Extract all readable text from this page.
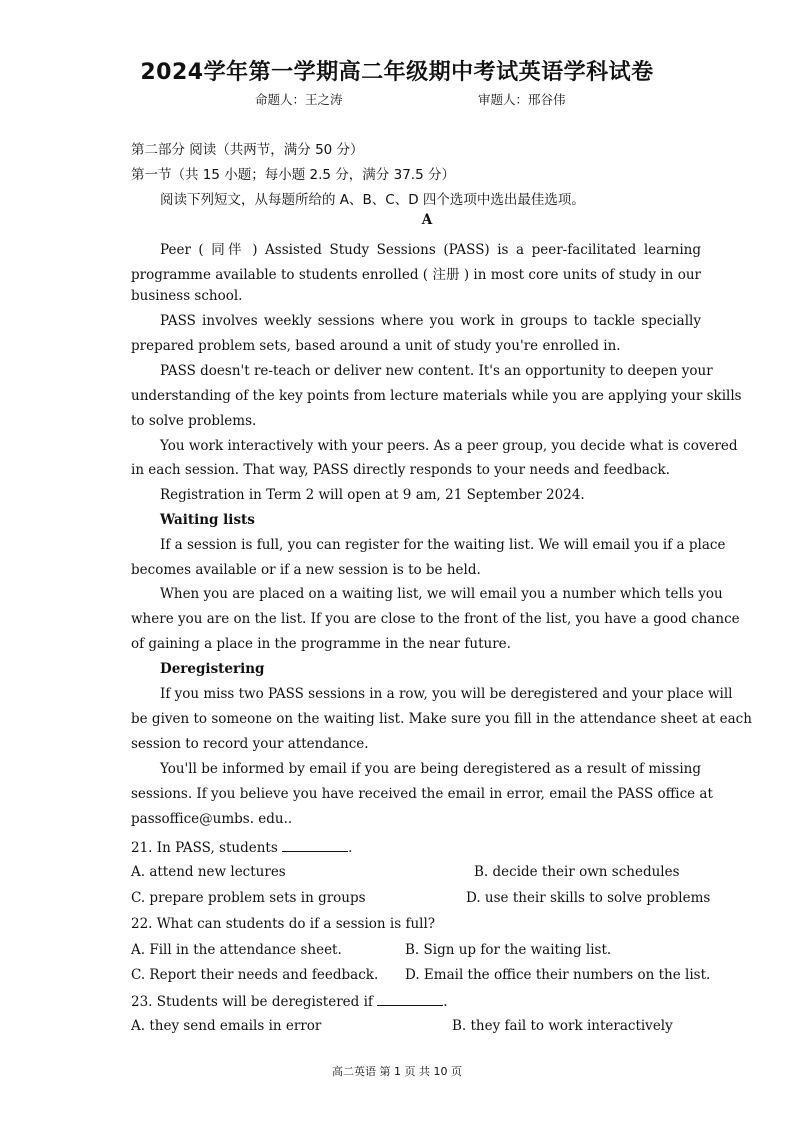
2024学年第一学期高二年级期中考试英语学科试卷
命题人：王之涛	审题人：邢谷伟
第二部分 阅读（共两节，满分 50 分）
第一节（共 15 小题；每小题 2.5 分，满分 37.5 分）
阅读下列短文，从每题所给的 A、B、C、D 四个选项中选出最佳选项。
A
Peer ( 同伴 ) Assisted Study Sessions (PASS) is a peer-facilitated learning
programme available to students enrolled ( 注册 ) in most core units of study in our
business school.
PASS involves weekly sessions where you work in groups to tackle specially
prepared problem sets, based around a unit of study you're enrolled in.
PASS doesn't re-teach or deliver new content. It's an opportunity to deepen your
understanding of the key points from lecture materials while you are applying your skills
to solve problems.
You work interactively with your peers. As a peer group, you decide what is covered
in each session. That way, PASS directly responds to your needs and feedback.
Registration in Term 2 will open at 9 am, 21 September 2024.
Waiting lists
If a session is full, you can register for the waiting list. We will email you if a place
becomes available or if a new session is to be held.
When you are placed on a waiting list, we will email you a number which tells you
where you are on the list. If you are close to the front of the list, you have a good chance
of gaining a place in the programme in the near future.
Deregistering
If you miss two PASS sessions in a row, you will be deregistered and your place will
be given to someone on the waiting list. Make sure you fill in the attendance sheet at each
session to record your attendance.
You'll be informed by email if you are being deregistered as a result of missing
sessions. If you believe you have received the email in error, email the PASS office at
passoffice@umbs. edu..
21. In PASS, students	.
A. attend new lectures	B. decide their own schedules
C. prepare problem sets in groups	D. use their skills to solve problems
22. What can students do if a session is full?
A. Fill in the attendance sheet.	B. Sign up for the waiting list.
C. Report their needs and feedback. D. Email the office their numbers on the list.
23. Students will be deregistered if	.
A. they send emails in error	B. they fail to work interactively
高二英语 第 1 页 共 10 页
